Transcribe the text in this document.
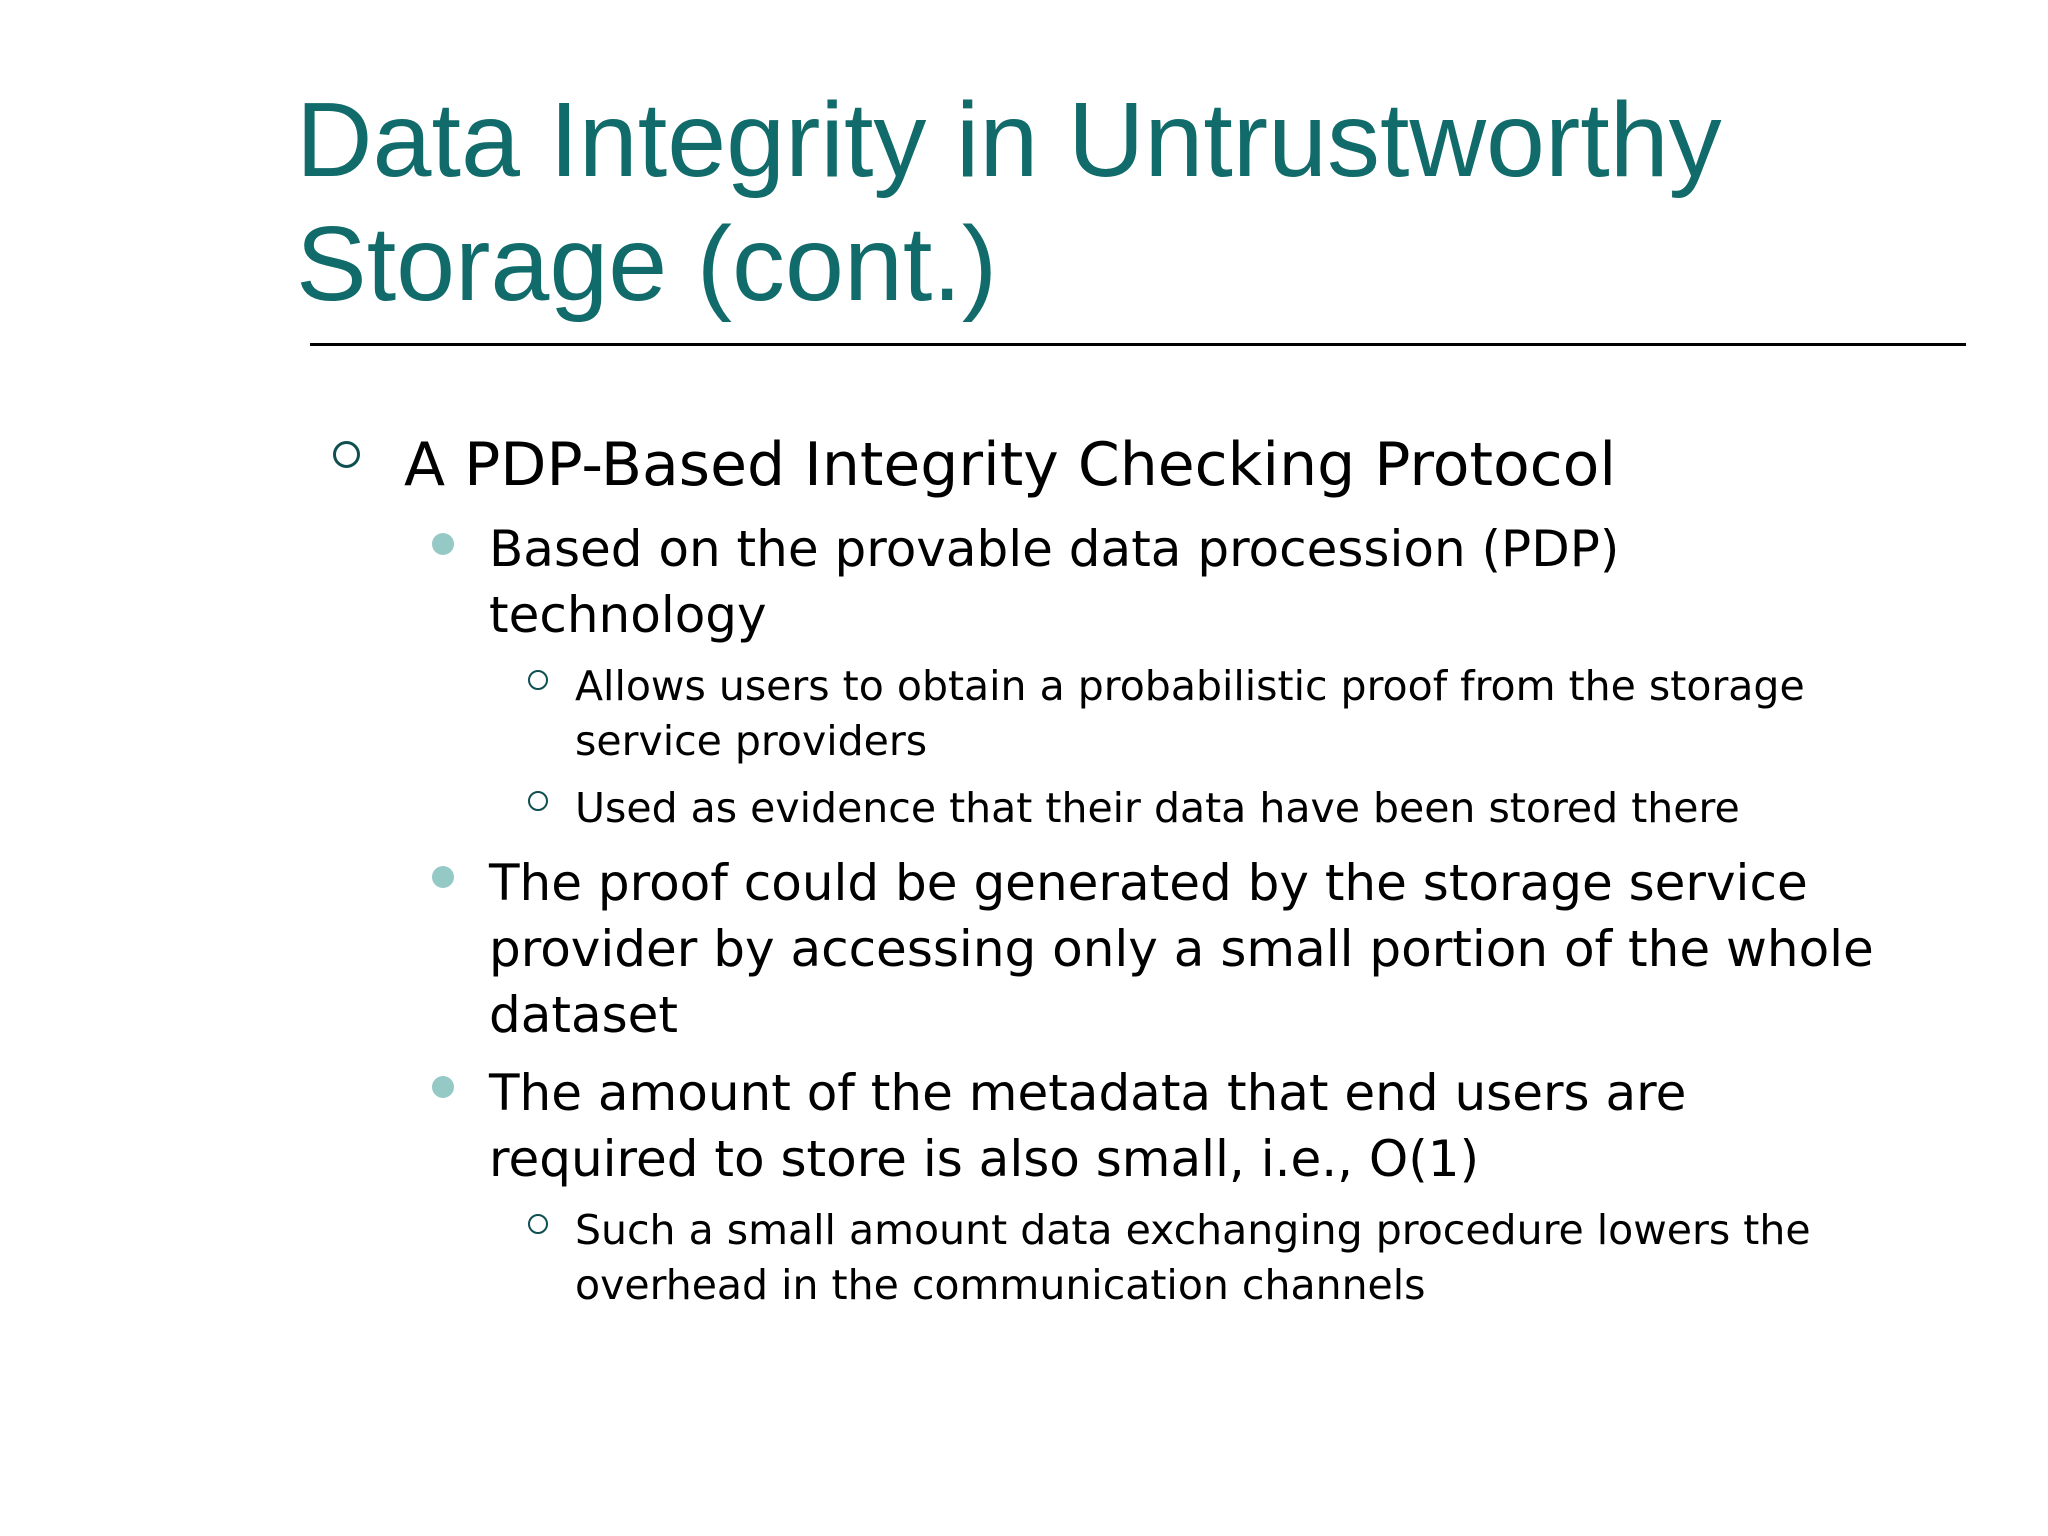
Data Integrity in Untrustworthy Storage (cont.)

A PDP-Based Integrity Checking Protocol

Based on the provable data procession (PDP) technology

Allows users to obtain a probabilistic proof from the storage service providers

Used as evidence that their data have been stored there

The proof could be generated by the storage service provider by accessing only a small portion of the whole dataset

The amount of the metadata that end users are required to store is also small, i.e., O(1)

Such a small amount data exchanging procedure lowers the overhead in the communication channels
